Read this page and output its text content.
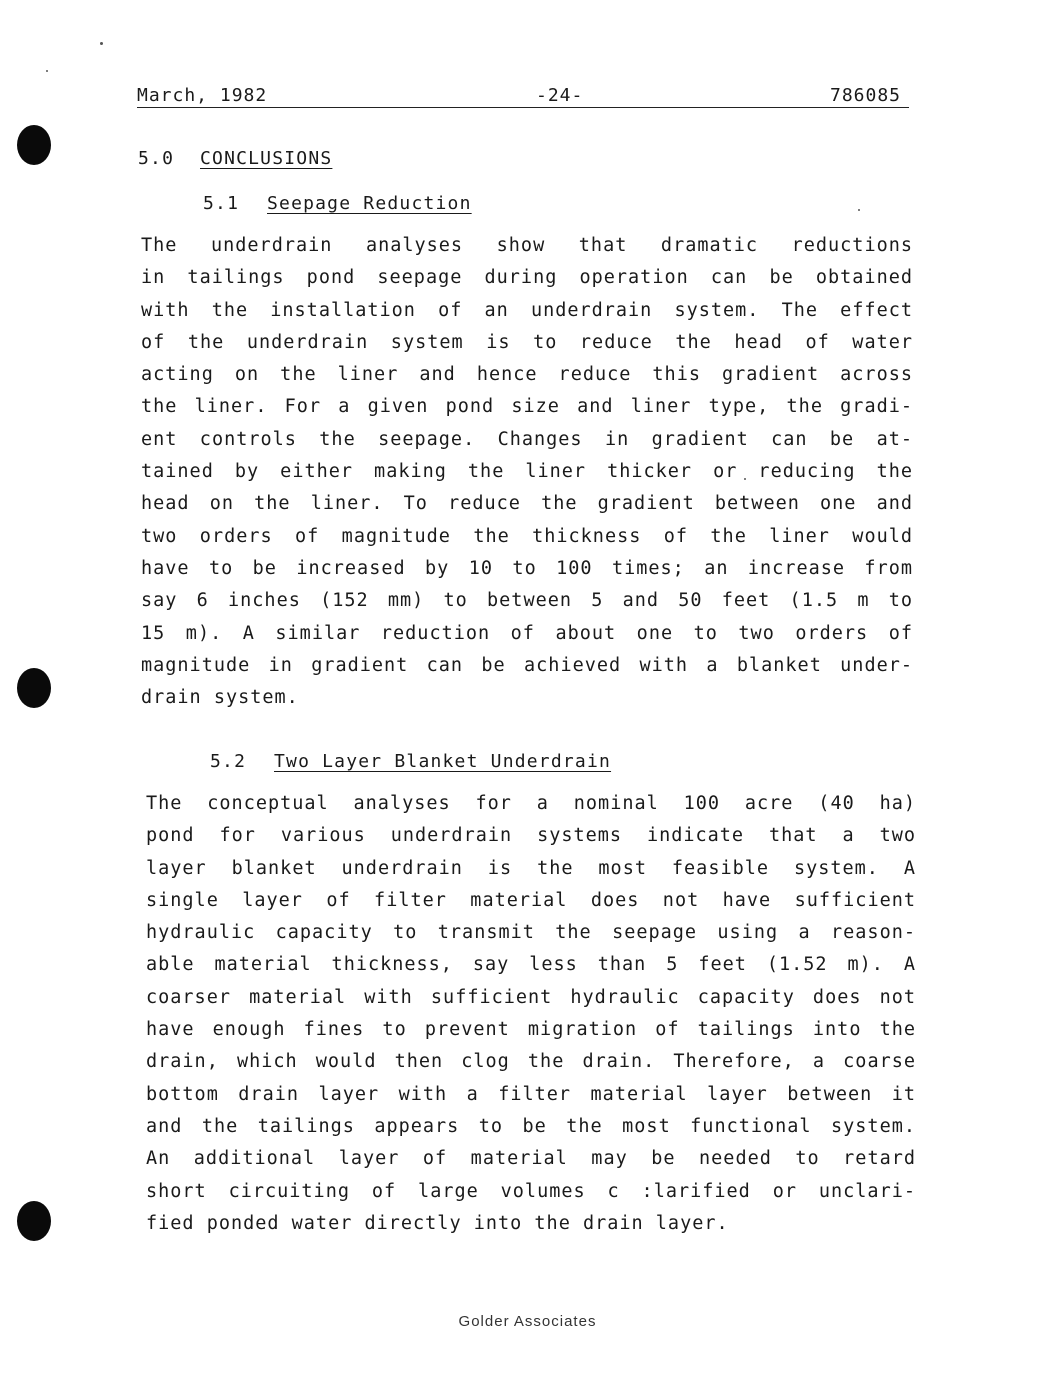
March, 1982	-24-	786085
5.0 CONCLUSIONS
5.1 Seepage Reduction
The underdrain analyses show that dramatic reductions
in tailings pond seepage during operation can be obtained
with the installation of an underdrain system. The effect
of the underdrain system is to reduce the head of water
acting on the liner and hence reduce this gradient across
the liner. For a given pond size and liner type, the gradi-
ent controls the seepage. Changes in gradient can be at-
tained by either making the liner thicker or reducing the
head on the liner. To reduce the gradient between one and
two orders of magnitude the thickness of the liner would
have to be increased by 10 to 100 times; an increase from
say 6 inches (152 mm) to between 5 and 50 feet (1.5 m to
15 m). A similar reduction of about one to two orders of
magnitude in gradient can be achieved with a blanket under-
drain system.
5.2 Two Layer Blanket Underdrain
The conceptual analyses for a nominal 100 acre (40 ha)
pond for various underdrain systems indicate that a two
layer blanket underdrain is the most feasible system. A
single layer of filter material does not have sufficient
hydraulic capacity to transmit the seepage using a reason-
able material thickness, say less than 5 feet (1.52 m). A
coarser material with sufficient hydraulic capacity does not
have enough fines to prevent migration of tailings into the
drain, which would then clog the drain. Therefore, a coarse
bottom drain layer with a filter material layer between it
and the tailings appears to be the most functional system.
An additional layer of material may be needed to retard
short circuiting of large volumes c :larified or unclari-
fied ponded water directly into the drain layer.
Golder Associates
